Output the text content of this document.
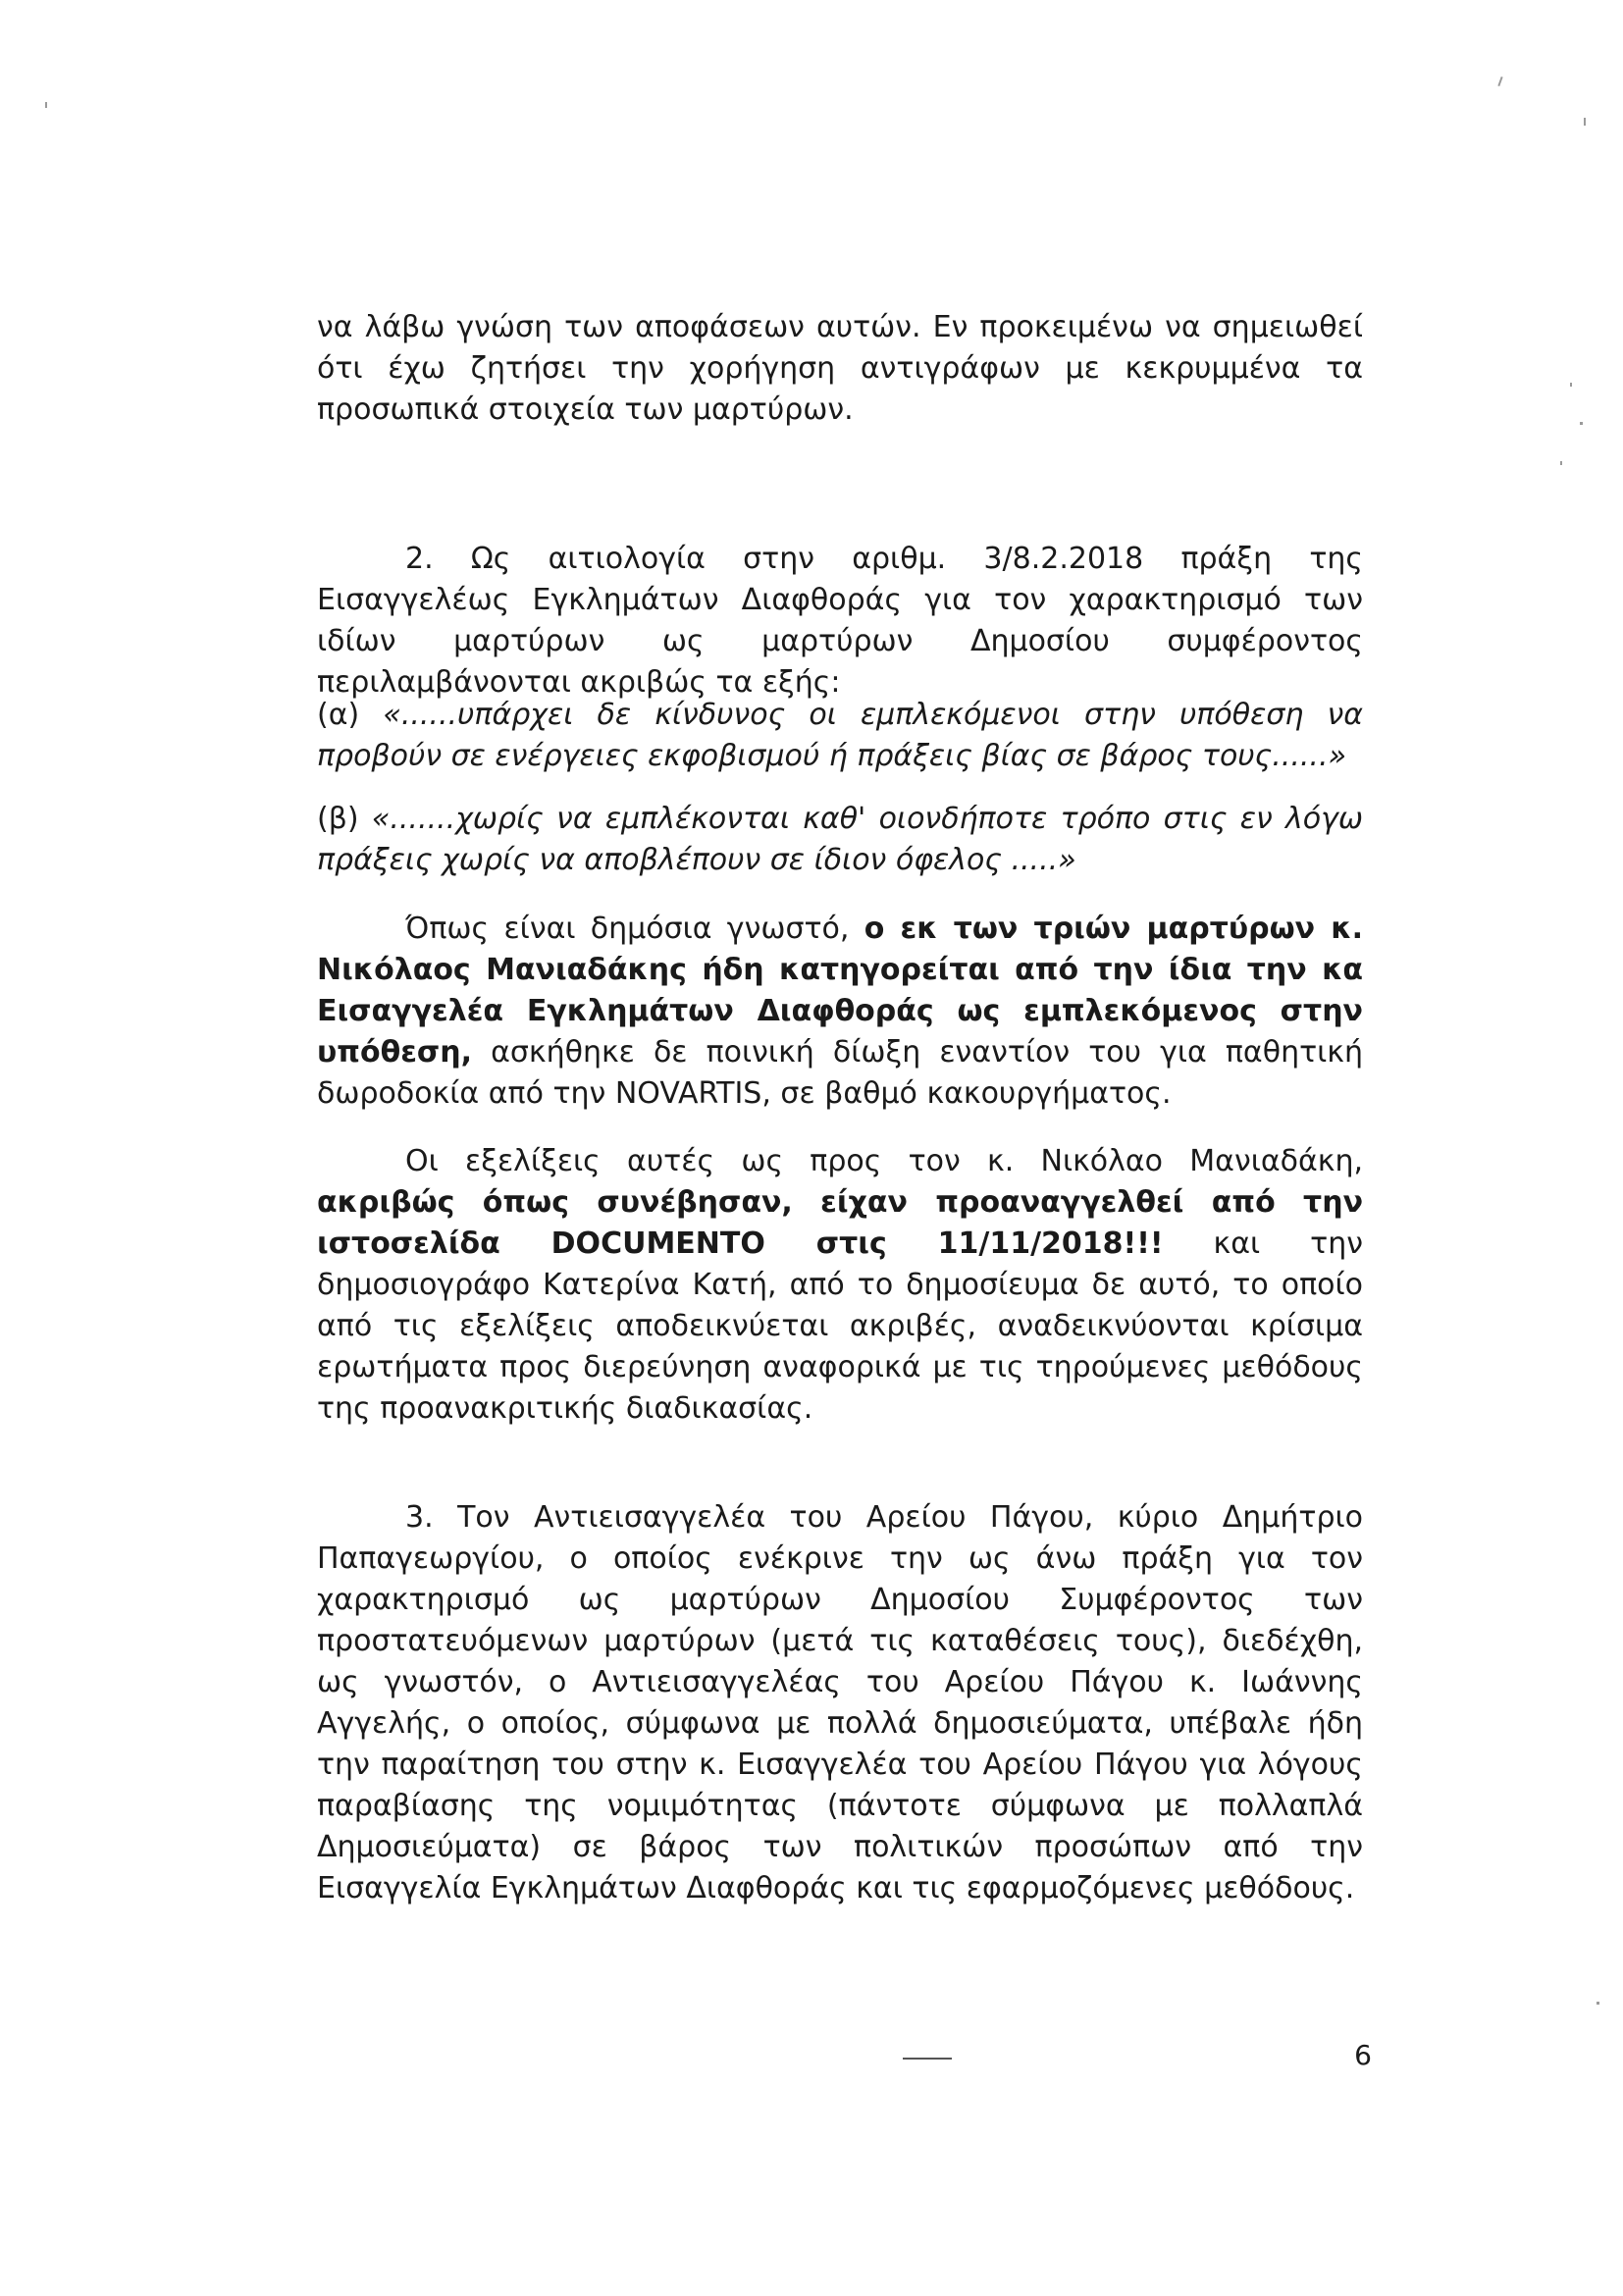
να λάβω γνώση των αποφάσεων αυτών. Εν προκειμένω να σημειωθεί ότι έχω ζητήσει την χορήγηση αντιγράφων με κεκρυμμένα τα προσωπικά στοιχεία των μαρτύρων.

2. Ως αιτιολογία στην αριθμ. 3/8.2.2018 πράξη της Εισαγγελέως Εγκλημάτων Διαφθοράς για τον χαρακτηρισμό των ιδίων μαρτύρων ως μαρτύρων Δημοσίου συμφέροντος περιλαμβάνονται ακριβώς τα εξής:

(α) «......υπάρχει δε κίνδυνος οι εμπλεκόμενοι στην υπόθεση να προβούν σε ενέργειες εκφοβισμού ή πράξεις βίας σε βάρος τους......»

(β) «.......χωρίς να εμπλέκονται καθ' οιονδήποτε τρόπο στις εν λόγω πράξεις χωρίς να αποβλέπουν σε ίδιον όφελος .....»

Όπως είναι δημόσια γνωστό, ο εκ των τριών μαρτύρων κ. Νικόλαος Μανιαδάκης ήδη κατηγορείται από την ίδια την κα Εισαγγελέα Εγκλημάτων Διαφθοράς ως εμπλεκόμενος στην υπόθεση, ασκήθηκε δε ποινική δίωξη εναντίον του για παθητική δωροδοκία από την NOVARTIS, σε βαθμό κακουργήματος.

Οι εξελίξεις αυτές ως προς τον κ. Νικόλαο Μανιαδάκη, ακριβώς όπως συνέβησαν, είχαν προαναγγελθεί από την ιστοσελίδα DOCUMENTO στις 11/11/2018!!! και την δημοσιογράφο Κατερίνα Κατή, από το δημοσίευμα δε αυτό, το οποίο από τις εξελίξεις αποδεικνύεται ακριβές, αναδεικνύονται κρίσιμα ερωτήματα προς διερεύνηση αναφορικά με τις τηρούμενες μεθόδους της προανακριτικής διαδικασίας.

3. Τον Αντιεισαγγελέα του Αρείου Πάγου, κύριο Δημήτριο Παπαγεωργίου, ο οποίος ενέκρινε την ως άνω πράξη για τον χαρακτηρισμό ως μαρτύρων Δημοσίου Συμφέροντος των προστατευόμενων μαρτύρων (μετά τις καταθέσεις τους), διεδέχθη, ως γνωστόν, ο Αντιεισαγγελέας του Αρείου Πάγου κ. Ιωάννης Αγγελής, ο οποίος, σύμφωνα με πολλά δημοσιεύματα, υπέβαλε ήδη την παραίτηση του στην κ. Εισαγγελέα του Αρείου Πάγου για λόγους παραβίασης της νομιμότητας (πάντοτε σύμφωνα με πολλαπλά Δημοσιεύματα) σε βάρος των πολιτικών προσώπων από την Εισαγγελία Εγκλημάτων Διαφθοράς και τις εφαρμοζόμενες μεθόδους.

6
